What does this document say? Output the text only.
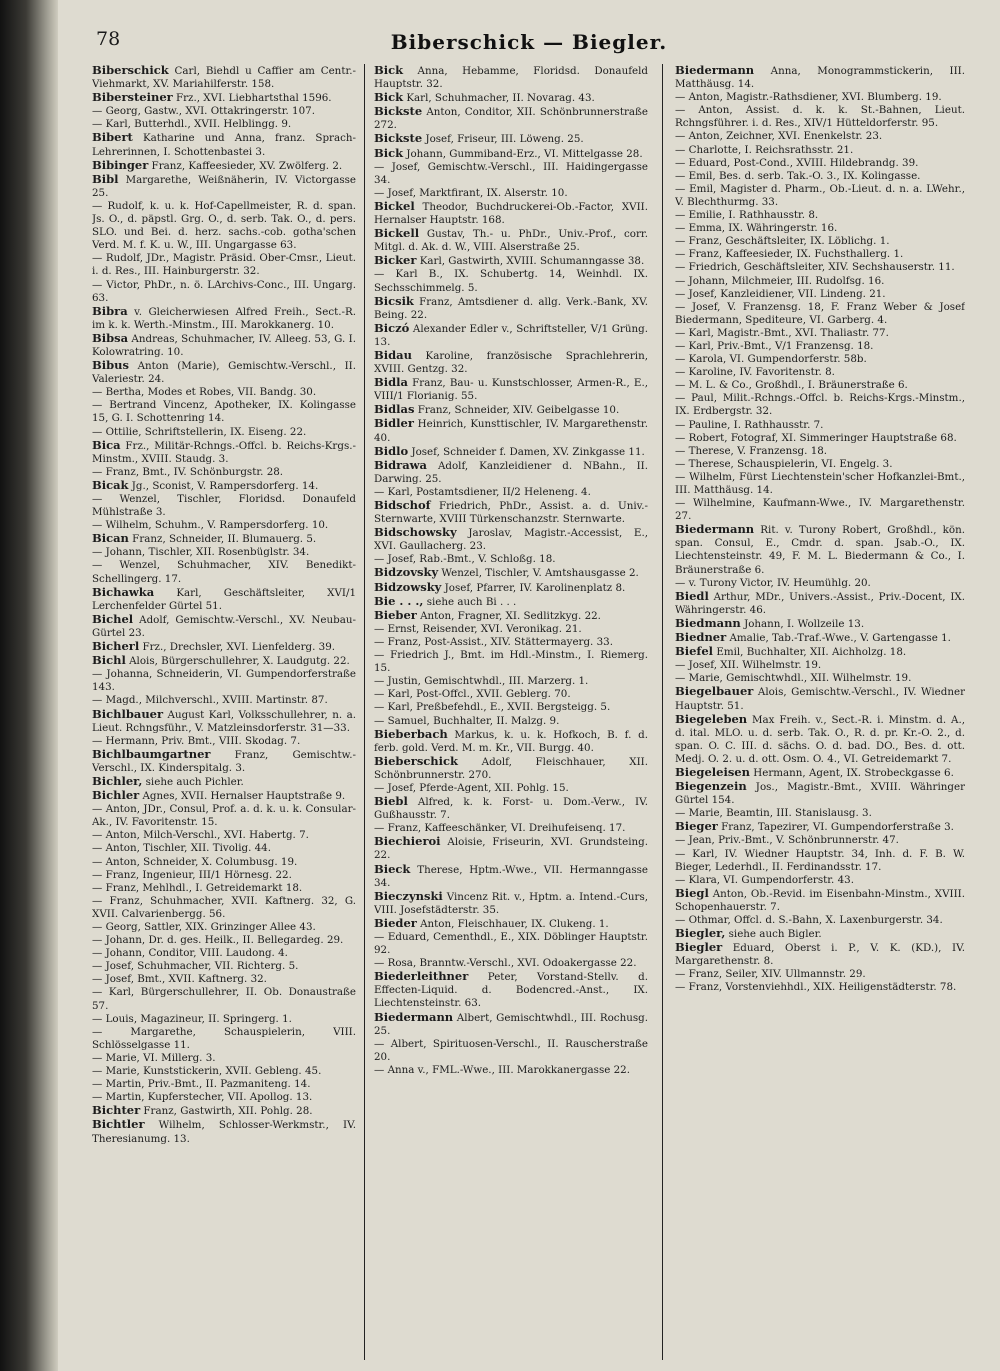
78	Biberschick — Biegler.

Biberschick Carl, Biehdl u Caffier am Centr.-Viehmarkt, XV. Mariahilferstr. 158.

Bibersteiner Frz., XVI. Liebhartsthal 1596.

— Georg, Gastw., XVI. Ottakringerstr. 107.

— Karl, Butterhdl., XVII. Helblingg. 9.

Bibert Katharine und Anna, franz. Sprach-Lehrerinnen, I. Schottenbastei 3.

Bibinger Franz, Kaffeesieder, XV. Zwölferg. 2.

Bibl Margarethe, Weißnäherin, IV. Victorgasse 25.

— Rudolf, k. u. k. Hof-Capellmeister, R. d. span. Js. O., d. päpstl. Grg. O., d. serb. Tak. O., d. pers. SLO. und Bei. d. herz. sachs.-cob. gotha'schen Verd. M. f. K. u. W., III. Ungargasse 63.

— Rudolf, JDr., Magistr. Präsid. Ober-Cmsr., Lieut. i. d. Res., III. Hainburgerstr. 32.

— Victor, PhDr., n. ö. LArchivs-Conc., III. Ungarg. 63.

Bibra v. Gleicherwiesen Alfred Freih., Sect.-R. im k. k. Werth.-Minstm., III. Marokkanerg. 10.

Bibsa Andreas, Schuhmacher, IV. Alleeg. 53, G. I. Kolowratring. 10.

Bibus Anton (Marie), Gemischtw.-Verschl., II. Valeriestr. 24.

— Bertha, Modes et Robes, VII. Bandg. 30.

— Bertrand Vincenz, Apotheker, IX. Kolingasse 15, G. I. Schottenring 14.

— Ottilie, Schriftstellerin, IX. Eiseng. 22.

Bica Frz., Militär-Rchngs.-Offcl. b. Reichs-Krgs.-Minstm., XVIII. Staudg. 3.

— Franz, Bmt., IV. Schönburgstr. 28.

Bicak Jg., Sconist, V. Rampersdorferg. 14.

— Wenzel, Tischler, Floridsd. Donaufeld Mühlstraße 3.

— Wilhelm, Schuhm., V. Rampersdorferg. 10.

Bican Franz, Schneider, II. Blumauerg. 5.

— Johann, Tischler, XII. Rosenbüglstr. 34.

— Wenzel, Schuhmacher, XIV. Benedikt-Schellingerg. 17.

Bichawka Karl, Geschäftsleiter, XVI/1 Lerchenfelder Gürtel 51.

Bichel Adolf, Gemischtw.-Verschl., XV. Neubau-Gürtel 23.

Bicherl Frz., Drechsler, XVI. Lienfelderg. 39.

Bichl Alois, Bürgerschullehrer, X. Laudgutg. 22.

— Johanna, Schneiderin, VI. Gumpendorferstraße 143.

— Magd., Milchverschl., XVIII. Martinstr. 87.

Bichlbauer August Karl, Volksschullehrer, n. a. Lieut. Rchngsführ., V. Matzleinsdorferstr. 31—33.

— Hermann, Priv. Bmt., VIII. Skodag. 7.

Bichlbaumgartner Franz, Gemischtw.-Verschl., IX. Kinderspitalg. 3.

Bichler, siehe auch Pichler.

Bichler Agnes, XVII. Hernalser Hauptstraße 9.

— Anton, JDr., Consul, Prof. a. d. k. u. k. Consular-Ak., IV. Favoritenstr. 15.

— Anton, Milch-Verschl., XVI. Habertg. 7.

— Anton, Tischler, XII. Tivolig. 44.

— Anton, Schneider, X. Columbusg. 19.

— Franz, Ingenieur, III/1 Hörnesg. 22.

— Franz, Mehlhdl., I. Getreidemarkt 18.

— Franz, Schuhmacher, XVII. Kaftnerg. 32, G. XVII. Calvarienbergg. 56.

— Georg, Sattler, XIX. Grinzinger Allee 43.

— Johann, Dr. d. ges. Heilk., II. Bellegardeg. 29.

— Johann, Conditor, VIII. Laudong. 4.

— Josef, Schuhmacher, VII. Richterg. 5.

— Josef, Bmt., XVII. Kaftnerg. 32.

— Karl, Bürgerschullehrer, II. Ob. Donaustraße 57.

— Louis, Magazineur, II. Springerg. 1.

— Margarethe, Schauspielerin, VIII. Schlösselgasse 11.

— Marie, VI. Millerg. 3.

— Marie, Kunststickerin, XVII. Gebleng. 45.

— Martin, Priv.-Bmt., II. Pazmaniteng. 14.

— Martin, Kupferstecher, VII. Apollog. 13.

Bichter Franz, Gastwirth, XII. Pohlg. 28.

Bichtler Wilhelm, Schlosser-Werkmstr., IV. Theresianumg. 13.

Bick Anna, Hebamme, Floridsd. Donaufeld Hauptstr. 32.

Bick Karl, Schuhmacher, II. Novarag. 43.

Bickste Anton, Conditor, XII. Schönbrunnerstraße 272.

Bickste Josef, Friseur, III. Löweng. 25.

Bick Johann, Gummiband-Erz., VI. Mittelgasse 28.

— Josef, Gemischtw.-Verschl., III. Haidingergasse 34.

— Josef, Marktfirant, IX. Alserstr. 10.

Bickel Theodor, Buchdruckerei-Ob.-Factor, XVII. Hernalser Hauptstr. 168.

Bickell Gustav, Th.- u. PhDr., Univ.-Prof., corr. Mitgl. d. Ak. d. W., VIII. Alserstraße 25.

Bicker Karl, Gastwirth, XVIII. Schumanngasse 38.

— Karl B., IX. Schubertg. 14, Weinhdl. IX. Sechsschimmelg. 5.

Bicsik Franz, Amtsdiener d. allg. Verk.-Bank, XV. Being. 22.

Biczó Alexander Edler v., Schriftsteller, V/1 Grüng. 13.

Bidau Karoline, französische Sprachlehrerin, XVIII. Gentzg. 32.

Bidla Franz, Bau- u. Kunstschlosser, Armen-R., E., VIII/1 Florianig. 55.

Bidlas Franz, Schneider, XIV. Geibelgasse 10.

Bidler Heinrich, Kunsttischler, IV. Margarethenstr. 40.

Bidlo Josef, Schneider f. Damen, XV. Zinkgasse 11.

Bidrawa Adolf, Kanzleidiener d. NBahn., II. Darwing. 25.

— Karl, Postamtsdiener, II/2 Heleneng. 4.

Bidschof Friedrich, PhDr., Assist. a. d. Univ.-Sternwarte, XVIII Türkenschanzstr. Sternwarte.

Bidschowsky Jaroslav, Magistr.-Accessist, E., XVI. Gaullacherg. 23.

— Josef, Rab.-Bmt., V. Schloßg. 18.

Bidzovsky Wenzel, Tischler, V. Amtshausgasse 2.

Bidzowsky Josef, Pfarrer, IV. Karolinenplatz 8.

Bie . . ., siehe auch Bi . . .

Bieber Anton, Fragner, XI. Sedlitzkyg. 22.

— Ernst, Reisender, XVI. Veronikag. 21.

— Franz, Post-Assist., XIV. Stättermayerg. 33.

— Friedrich J., Bmt. im Hdl.-Minstm., I. Riemerg. 15.

— Justin, Gemischtwhdl., III. Marzerg. 1.

— Karl, Post-Offcl., XVII. Geblerg. 70.

— Karl, Preßbefehdl., E., XVII. Bergsteigg. 5.

— Samuel, Buchhalter, II. Malzg. 9.

Bieberbach Markus, k. u. k. Hofkoch, B. f. d. ferb. gold. Verd. M. m. Kr., VII. Burgg. 40.

Bieberschick Adolf, Fleischhauer, XII. Schönbrunnerstr. 270.

— Josef, Pferde-Agent, XII. Pohlg. 15.

Biebl Alfred, k. k. Forst- u. Dom.-Verw., IV. Gußhausstr. 7.

— Franz, Kaffeeschänker, VI. Dreihufeisenq. 17.

Biechieroi Aloisie, Friseurin, XVI. Grundsteing. 22.

Bieck Therese, Hptm.-Wwe., VII. Hermanngasse 34.

Bieczynski Vincenz Rit. v., Hptm. a. Intend.-Curs, VIII. Josefstädterstr. 35.

Bieder Anton, Fleischhauer, IX. Clukeng. 1.

— Eduard, Cementhdl., E., XIX. Döblinger Hauptstr. 92.

— Rosa, Branntw.-Verschl., XVI. Odoakergasse 22.

Biederleithner Peter, Vorstand-Stellv. d. Effecten-Liquid. d. Bodencred.-Anst., IX. Liechtensteinstr. 63.

Biedermann Albert, Gemischtwhdl., III. Rochusg. 25.

— Albert, Spirituosen-Verschl., II. Rauscherstraße 20.

— Anna v., FML.-Wwe., III. Marokkanergasse 22.

Biedermann Anna, Monogrammstickerin, III. Matthäusg. 14.

— Anton, Magistr.-Rathsdiener, XVI. Blumberg. 19.

— Anton, Assist. d. k. k. St.-Bahnen, Lieut. Rchngsführer. i. d. Res., XIV/1 Hütteldorferstr. 95.

— Anton, Zeichner, XVI. Enenkelstr. 23.

— Charlotte, I. Reichsrathsstr. 21.

— Eduard, Post-Cond., XVIII. Hildebrandg. 39.

— Emil, Bes. d. serb. Tak.-O. 3., IX. Kolingasse.

— Emil, Magister d. Pharm., Ob.-Lieut. d. n. a. LWehr., V. Blechthurmg. 33.

— Emilie, I. Rathhausstr. 8.

— Emma, IX. Währingerstr. 16.

— Franz, Geschäftsleiter, IX. Löblichg. 1.

— Franz, Kaffeesieder, IX. Fuchsthallerg. 1.

— Friedrich, Geschäftsleiter, XIV. Sechshauserstr. 11.

— Johann, Milchmeier, III. Rudolfsg. 16.

— Josef, Kanzleidiener, VII. Lindeng. 21.

— Josef, V. Franzensg. 18, F. Franz Weber & Josef Biedermann, Spediteure, VI. Garberg. 4.

— Karl, Magistr.-Bmt., XVI. Thaliastr. 77.

— Karl, Priv.-Bmt., V/1 Franzensg. 18.

— Karola, VI. Gumpendorferstr. 58b.

— Karoline, IV. Favoritenstr. 8.

— M. L. & Co., Großhdl., I. Bräunerstraße 6.

— Paul, Milit.-Rchngs.-Offcl. b. Reichs-Krgs.-Minstm., IX. Erdbergstr. 32.

— Pauline, I. Rathhausstr. 7.

— Robert, Fotograf, XI. Simmeringer Hauptstraße 68.

— Therese, V. Franzensg. 18.

— Therese, Schauspielerin, VI. Engelg. 3.

— Wilhelm, Fürst Liechtenstein'scher Hofkanzlei-Bmt., III. Matthäusg. 14.

— Wilhelmine, Kaufmann-Wwe., IV. Margarethenstr. 27.

Biedermann Rit. v. Turony Robert, Großhdl., kön. span. Consul, E., Cmdr. d. span. Jsab.-O., IX. Liechtensteinstr. 49, F. M. L. Biedermann & Co., I. Bräunerstraße 6.

— v. Turony Victor, IV. Heumühlg. 20.

Biedl Arthur, MDr., Univers.-Assist., Priv.-Docent, IX. Währingerstr. 46.

Biedmann Johann, I. Wollzeile 13.

Biedner Amalie, Tab.-Traf.-Wwe., V. Gartengasse 1.

Biefel Emil, Buchhalter, XII. Aichholzg. 18.

— Josef, XII. Wilhelmstr. 19.

— Marie, Gemischtwhdl., XII. Wilhelmstr. 19.

Biegelbauer Alois, Gemischtw.-Verschl., IV. Wiedner Hauptstr. 51.

Biegeleben Max Freih. v., Sect.-R. i. Minstm. d. A., d. ital. MLO. u. d. serb. Tak. O., R. d. pr. Kr.-O. 2., d. span. O. C. III. d. sächs. O. d. bad. DO., Bes. d. ott. Medj. O. 2. u. d. ott. Osm. O. 4., VI. Getreidemarkt 7.

Biegeleisen Hermann, Agent, IX. Strobeckgasse 6.

Biegenzein Jos., Magistr.-Bmt., XVIII. Währinger Gürtel 154.

— Marie, Beamtin, III. Stanislausg. 3.

Bieger Franz, Tapezirer, VI. Gumpendorferstraße 3.

— Jean, Priv.-Bmt., V. Schönbrunnerstr. 47.

— Karl, IV. Wiedner Hauptstr. 34, Inh. d. F. B. W. Bieger, Lederhdl., II. Ferdinandsstr. 17.

— Klara, VI. Gumpendorferstr. 43.

Biegl Anton, Ob.-Revid. im Eisenbahn-Minstm., XVIII. Schopenhauerstr. 7.

— Othmar, Offcl. d. S.-Bahn, X. Laxenburgerstr. 34.

Biegler, siehe auch Bigler.

Biegler Eduard, Oberst i. P., V. K. (KD.), IV. Margarethenstr. 8.

— Franz, Seiler, XIV. Ullmannstr. 29.

— Franz, Vorstenviehhdl., XIX. Heiligenstädterstr. 78.
